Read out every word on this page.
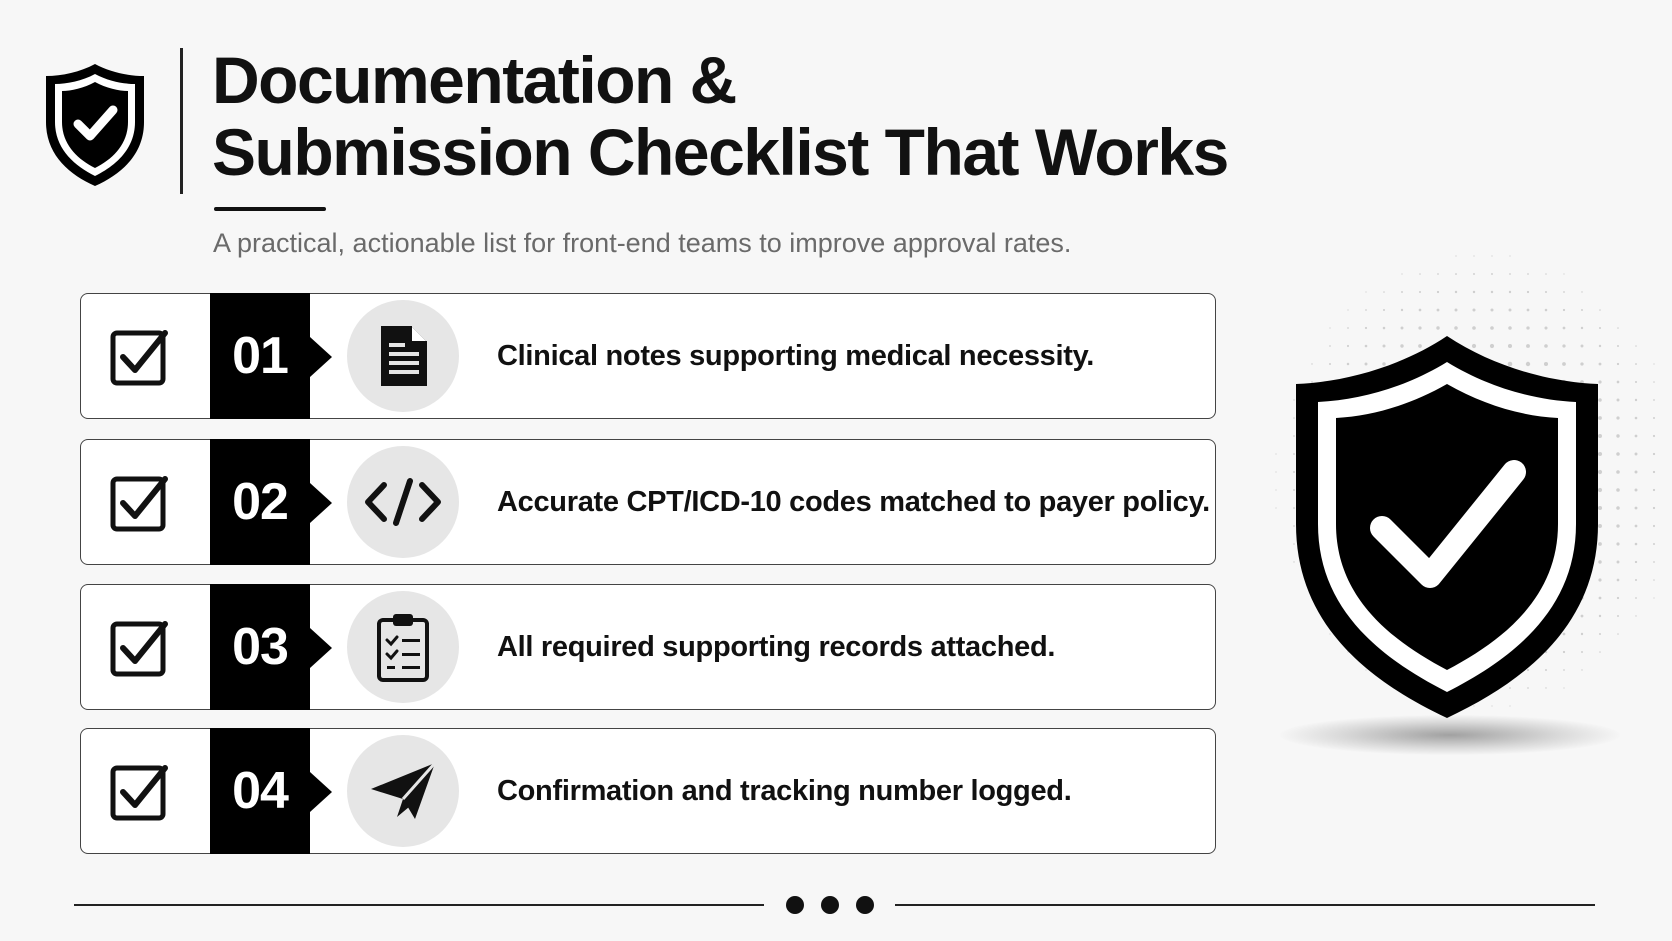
Documentation &
Submission Checklist That Works
A practical, actionable list for front-end teams to improve approval rates.
01	Clinical notes supporting medical necessity.
02	Accurate CPT/ICD-10 codes matched to payer policy.
03	All required supporting records attached.
04	Confirmation and tracking number logged.
